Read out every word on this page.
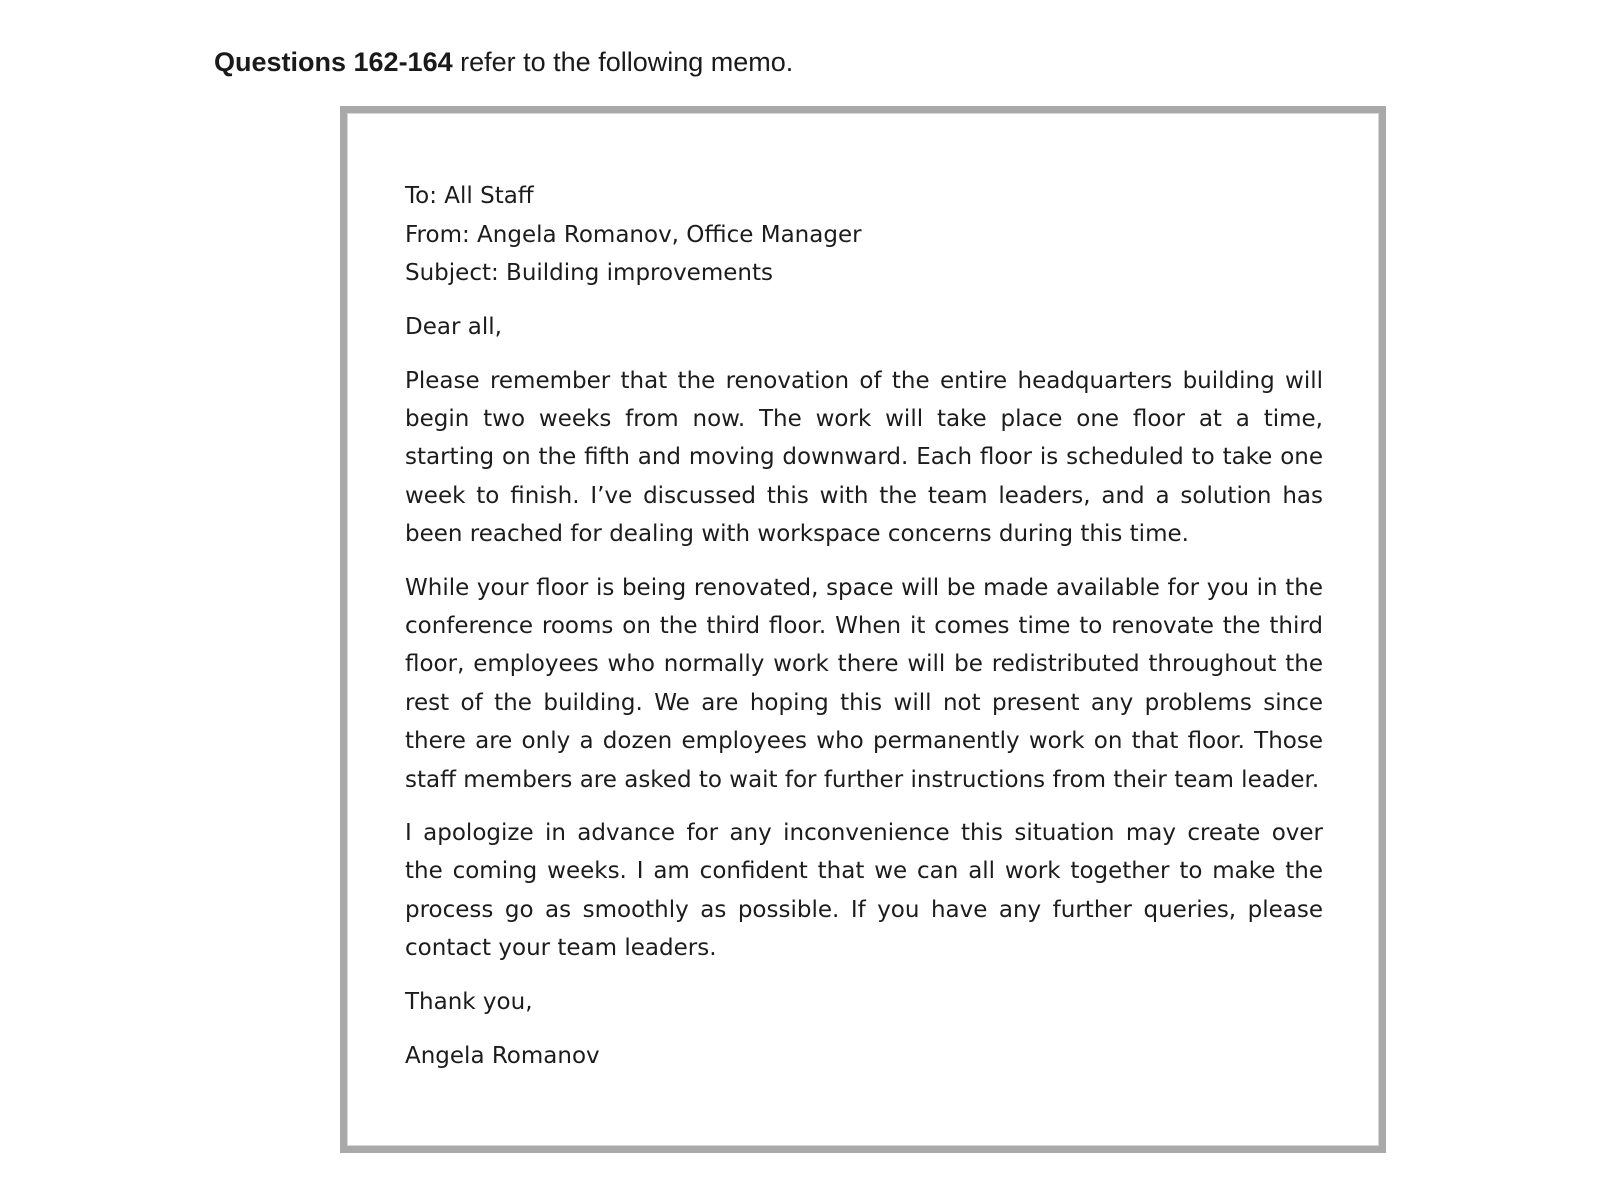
Questions 162-164 refer to the following memo.
To: All Staff
From: Angela Romanov, Office Manager
Subject: Building improvements
Dear all,

Please remember that the renovation of the entire headquarters building will begin two weeks from now. The work will take place one floor at a time, starting on the fifth and moving downward. Each floor is scheduled to take one week to finish. I’ve discussed this with the team leaders, and a solution has been reached for dealing with workspace concerns during this time.

While your floor is being renovated, space will be made available for you in the conference rooms on the third floor. When it comes time to renovate the third floor, employees who normally work there will be redistributed throughout the rest of the building. We are hoping this will not present any problems since there are only a dozen employees who permanently work on that floor. Those staff members are asked to wait for further instructions from their team leader.

I apologize in advance for any inconvenience this situation may create over the coming weeks. I am confident that we can all work together to make the process go as smoothly as possible. If you have any further queries, please contact your team leaders.

Thank you,
Angela Romanov
